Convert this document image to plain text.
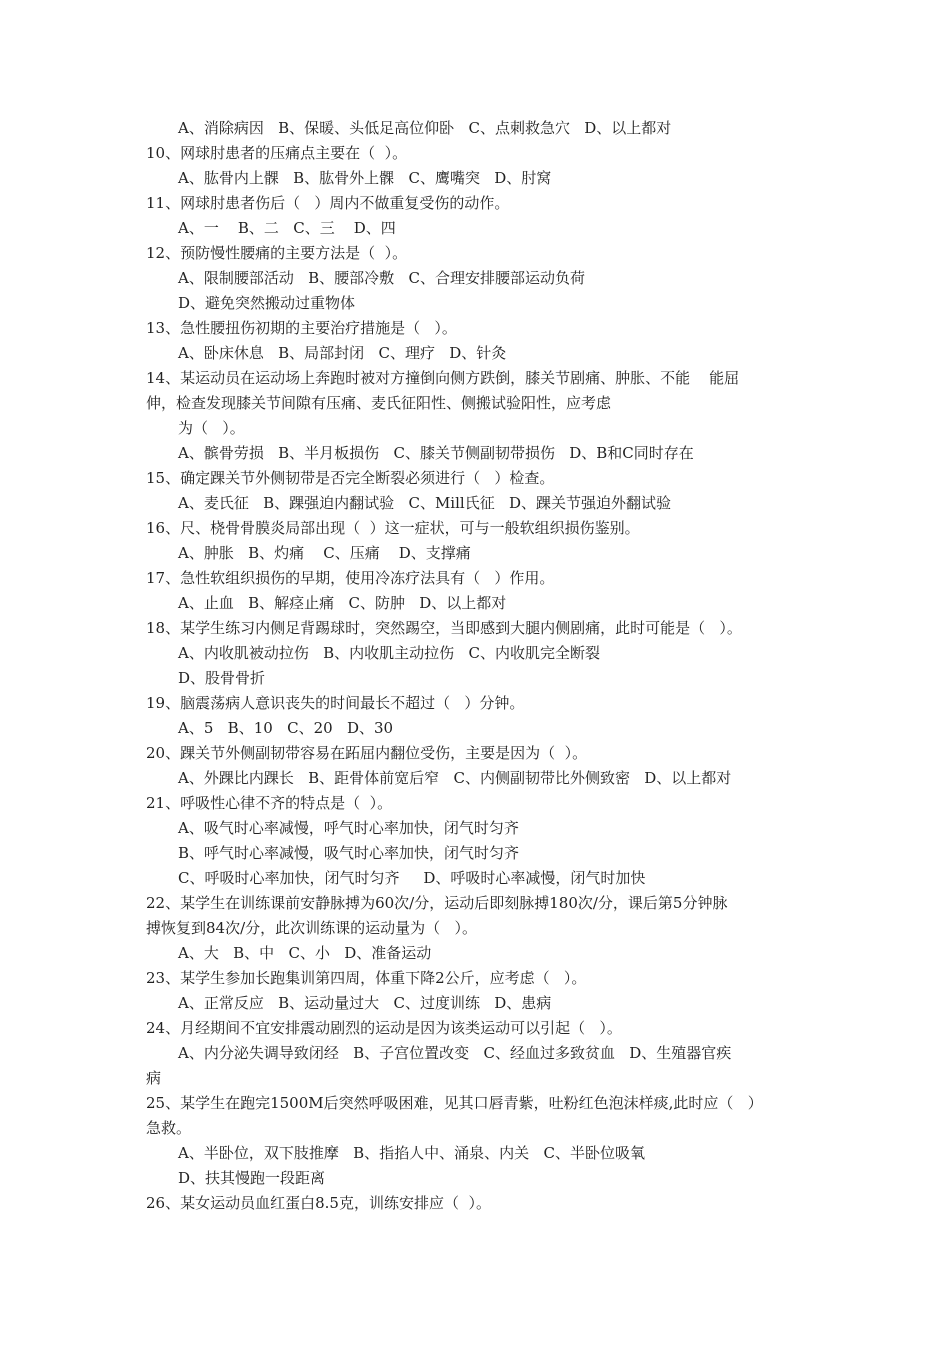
A、消除病因   B、保暖、头低足高位仰卧   C、点刺救急穴   D、以上都对
10、网球肘患者的压痛点主要在（  ）。
A、肱骨内上髁   B、肱骨外上髁   C、鹰嘴突   D、肘窝
11、网球肘患者伤后（   ）周内不做重复受伤的动作。
A、一    B、二   C、三    D、四
12、预防慢性腰痛的主要方法是（  ）。
A、限制腰部活动   B、腰部冷敷   C、合理安排腰部运动负荷
D、避免突然搬动过重物体
13、急性腰扭伤初期的主要治疗措施是（   ）。
A、卧床休息   B、局部封闭   C、理疗   D、针灸
14、某运动员在运动场上奔跑时被对方撞倒向侧方跌倒，膝关节剧痛、肿胀、不能    能屈
伸，检查发现膝关节间隙有压痛、麦氏征阳性、侧搬试验阳性，应考虑
为（   ）。
A、髌骨劳损   B、半月板损伤   C、膝关节侧副韧带损伤   D、B和C同时存在
15、确定踝关节外侧韧带是否完全断裂必须进行（   ）检查。
A、麦氏征   B、踝强迫内翻试验   C、Mill氏征   D、踝关节强迫外翻试验
16、尺、桡骨骨膜炎局部出现（  ）这一症状，可与一般软组织损伤鉴别。
A、肿胀   B、灼痛    C、压痛    D、支撑痛
17、急性软组织损伤的早期，使用冷冻疗法具有（   ）作用。
A、止血   B、解痉止痛   C、防肿   D、以上都对
18、某学生练习内侧足背踢球时，突然踢空，当即感到大腿内侧剧痛，此时可能是（   ）。
A、内收肌被动拉伤   B、内收肌主动拉伤   C、内收肌完全断裂
D、股骨骨折
19、脑震荡病人意识丧失的时间最长不超过（   ）分钟。
A、5   B、10   C、20   D、30
20、踝关节外侧副韧带容易在跖屈内翻位受伤，主要是因为（  ）。
A、外踝比内踝长   B、距骨体前宽后窄   C、内侧副韧带比外侧致密   D、以上都对
21、呼吸性心律不齐的特点是（  ）。
A、吸气时心率减慢，呼气时心率加快，闭气时匀齐
B、呼气时心率减慢，吸气时心率加快，闭气时匀齐
C、呼吸时心率加快，闭气时匀齐     D、呼吸时心率减慢，闭气时加快
22、某学生在训练课前安静脉搏为60次/分，运动后即刻脉搏180次/分，课后第5分钟脉
搏恢复到84次/分，此次训练课的运动量为（   ）。
A、大   B、中   C、小   D、准备运动
23、某学生参加长跑集训第四周，体重下降2公斤，应考虑（   ）。
A、正常反应   B、运动量过大   C、过度训练   D、患病
24、月经期间不宜安排震动剧烈的运动是因为该类运动可以引起（   ）。
A、内分泌失调导致闭经   B、子宫位置改变   C、经血过多致贫血   D、生殖器官疾
病
25、某学生在跑完1500M后突然呼吸困难，见其口唇青紫，吐粉红色泡沫样痰,此时应（   ）
急救。
A、半卧位，双下肢推摩   B、指掐人中、涌泉、内关   C、半卧位吸氧
D、扶其慢跑一段距离
26、某女运动员血红蛋白8.5克，训练安排应（  ）。
